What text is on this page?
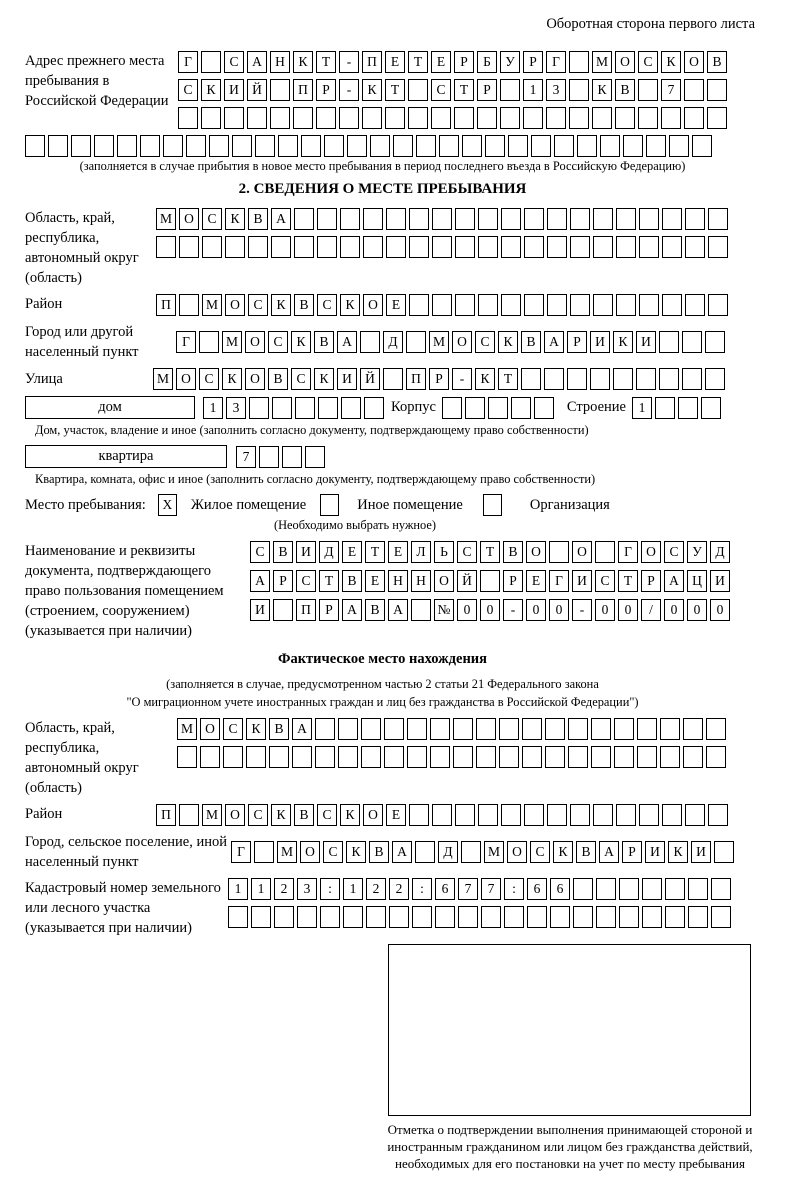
Оборотная сторона первого листа
Адрес прежнего места пребывания в Российской Федерации
Г	С	А Н	К	Т	-	П	Е	Т	Е	Р	Б	У	Р	Г	М О	С	К	О	В
С	К	И Й	П	Р	-	К	Т	С	Т	Р	1	3	К	В	7
(заполняется в случае прибытия в новое место пребывания в период последнего въезда в Российскую Федерацию)
2. СВЕДЕНИЯ О МЕСТЕ ПРЕБЫВАНИЯ
Область, край, республика, автономный округ (область)
М О	С	К	В	А
Район	П	М О	С	К	В	С	К	О	Е
Город или другой населенный пункт
Г	М О	С	К	В	А	Д	М О	С	К	В	А	Р	И	К	И
Улица	М О	С	К	О	В	С	К	И Й	П	Р	-	К	Т
дом	1	3	Корпус	Строение 1
Дом, участок, владение и иное (заполнить согласно документу, подтверждающему право собственности)
квартира	7
Квартира, комната, офис и иное (заполнить согласно документу, подтверждающему право собственности)
Место пребывания:	X	Жилое помещение	Иное помещение	Организация
(Необходимо выбрать нужное)
Наименование и реквизиты документа, подтверждающего право пользования помещением (строением, сооружением) (указывается при наличии)
С	В	И	Д	Е	Т	Е	Л	Ь	С	Т	В	О	О	Г	О	С	У	Д
А	Р	С	Т	В	Е	Н Н О Й	Р	Е	Г	И	С	Т	Р	А Ц И
И	П	Р	А	В	А	№ 0	0	-	0	0	-	0	0	/	0	0	0
Фактическое место нахождения
(заполняется в случае, предусмотренном частью 2 статьи 21 Федерального закона
"О миграционном учете иностранных граждан и лиц без гражданства в Российской Федерации")
Область, край, республика, автономный округ (область)
М О	С	К	В	А
Район	П	М О	С	К	В	С	К	О	Е
Город, сельское поселение, иной населенный пункт
Г	М О	С	К	В	А	Д	М О	С	К	В	А	Р	И	К	И
Кадастровый номер земельного или лесного участка (указывается при наличии)
1	1	2	3	:	1	2	2	:	6	7	7	:	6	6
Отметка о подтверждении выполнения принимающей стороной и иностранным гражданином или лицом без гражданства действий, необходимых для его постановки на учет по месту пребывания
